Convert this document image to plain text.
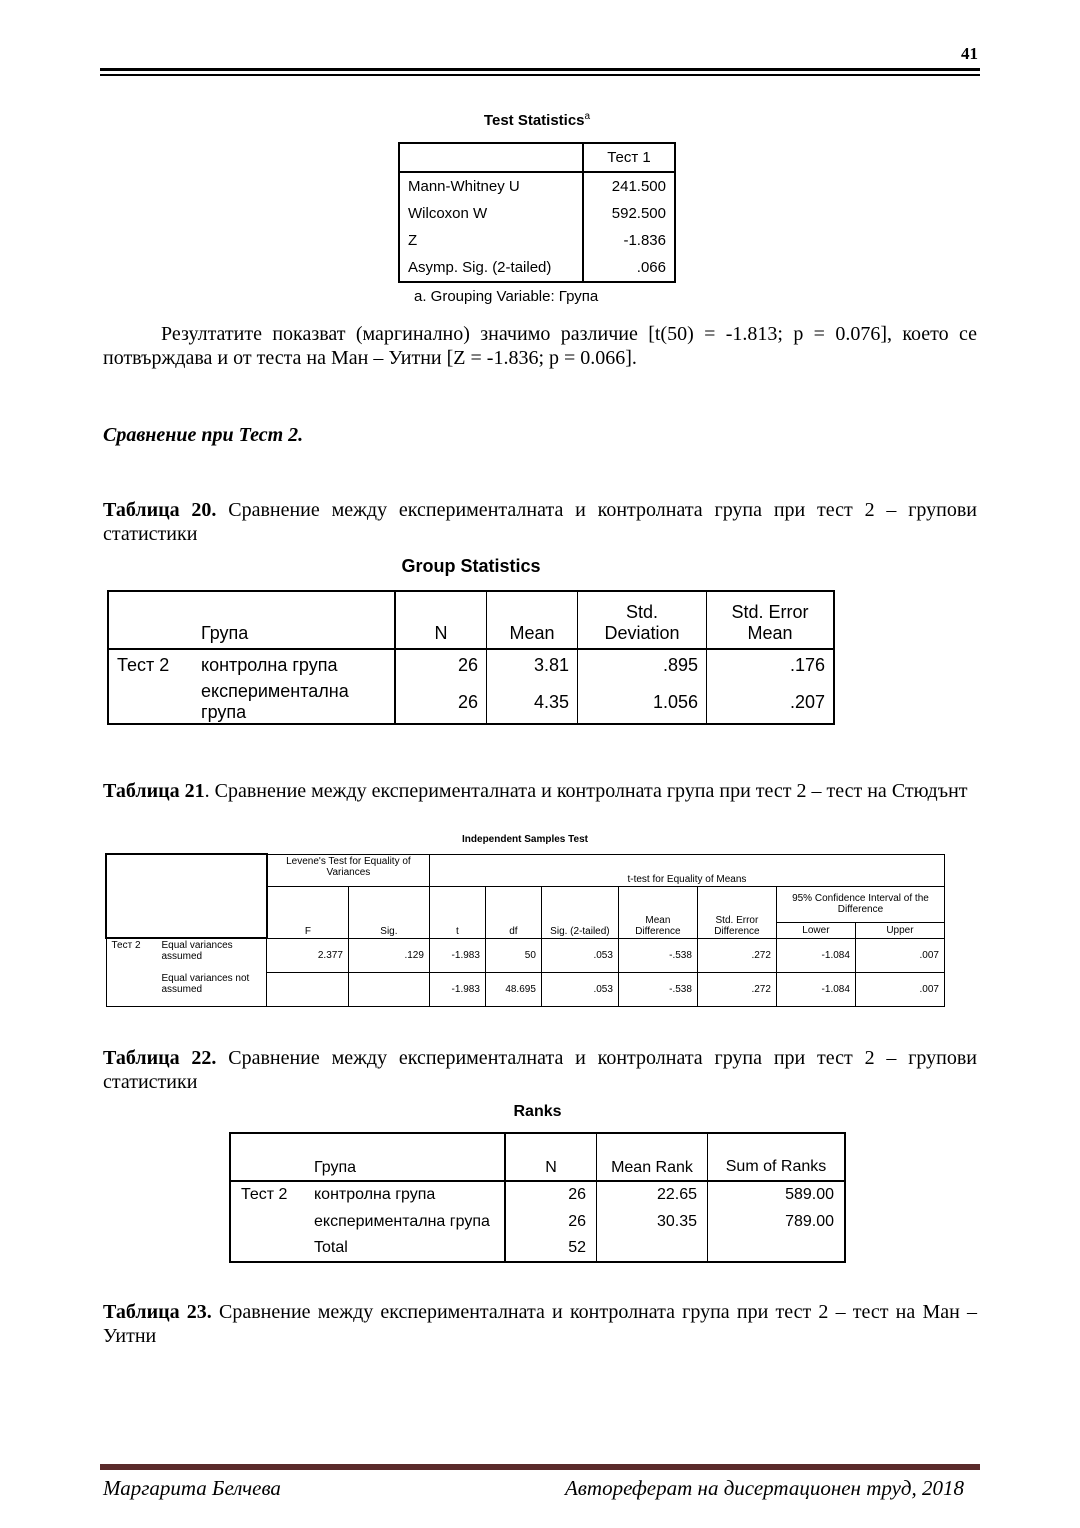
41
Test Statistics$^a$
	Тест 1
Mann-Whitney U	241.500
Wilcoxon W	592.500
Z	-1.836
Asymp. Sig. (2-tailed)	.066
a. Grouping Variable: Група
Резултатите показват (маргинално) значимо различие [t(50) = -1.813; p = 0.076], което се потвърждава и от теста на Ман – Уитни [Z = -1.836; p = 0.066].
Сравнение при Тест 2.
Таблица 20. Сравнение между експерименталната и контролната група при тест 2 – групови статистики
Group Statistics
	Група	N	Mean	Std. Deviation	Std. Error Mean
Тест 2	контролна група	26	3.81	.895	.176
	експериментална група	26	4.35	1.056	.207
Таблица 21. Сравнение между експерименталната и контролната група при тест 2 – тест на Стюдънт
Independent Samples Test
		Levene's Test for Equality of Variances		t-test for Equality of Means						
		F	Sig.	t	df	Sig. (2-tailed)	Mean Difference	Std. Error Difference	95% Confidence Interval of the Difference	
									Lower	Upper
Тест 2	Equal variances assumed	2.377	.129	-1.983	50	.053	-.538	.272	-1.084	.007
	Equal variances not assumed			-1.983	48.695	.053	-.538	.272	-1.084	.007
Таблица 22. Сравнение между експерименталната и контролната група при тест 2 – групови статистики
Ranks
	Група	N	Mean Rank	Sum of Ranks
Тест 2	контролна група	26	22.65	589.00
	експериментална група	26	30.35	789.00
	Total	52		
Таблица 23. Сравнение между експерименталната и контролната група при тест 2 – тест на Ман – Уитни
Маргарита Белчева	Автореферат на дисертационен труд, 2018
